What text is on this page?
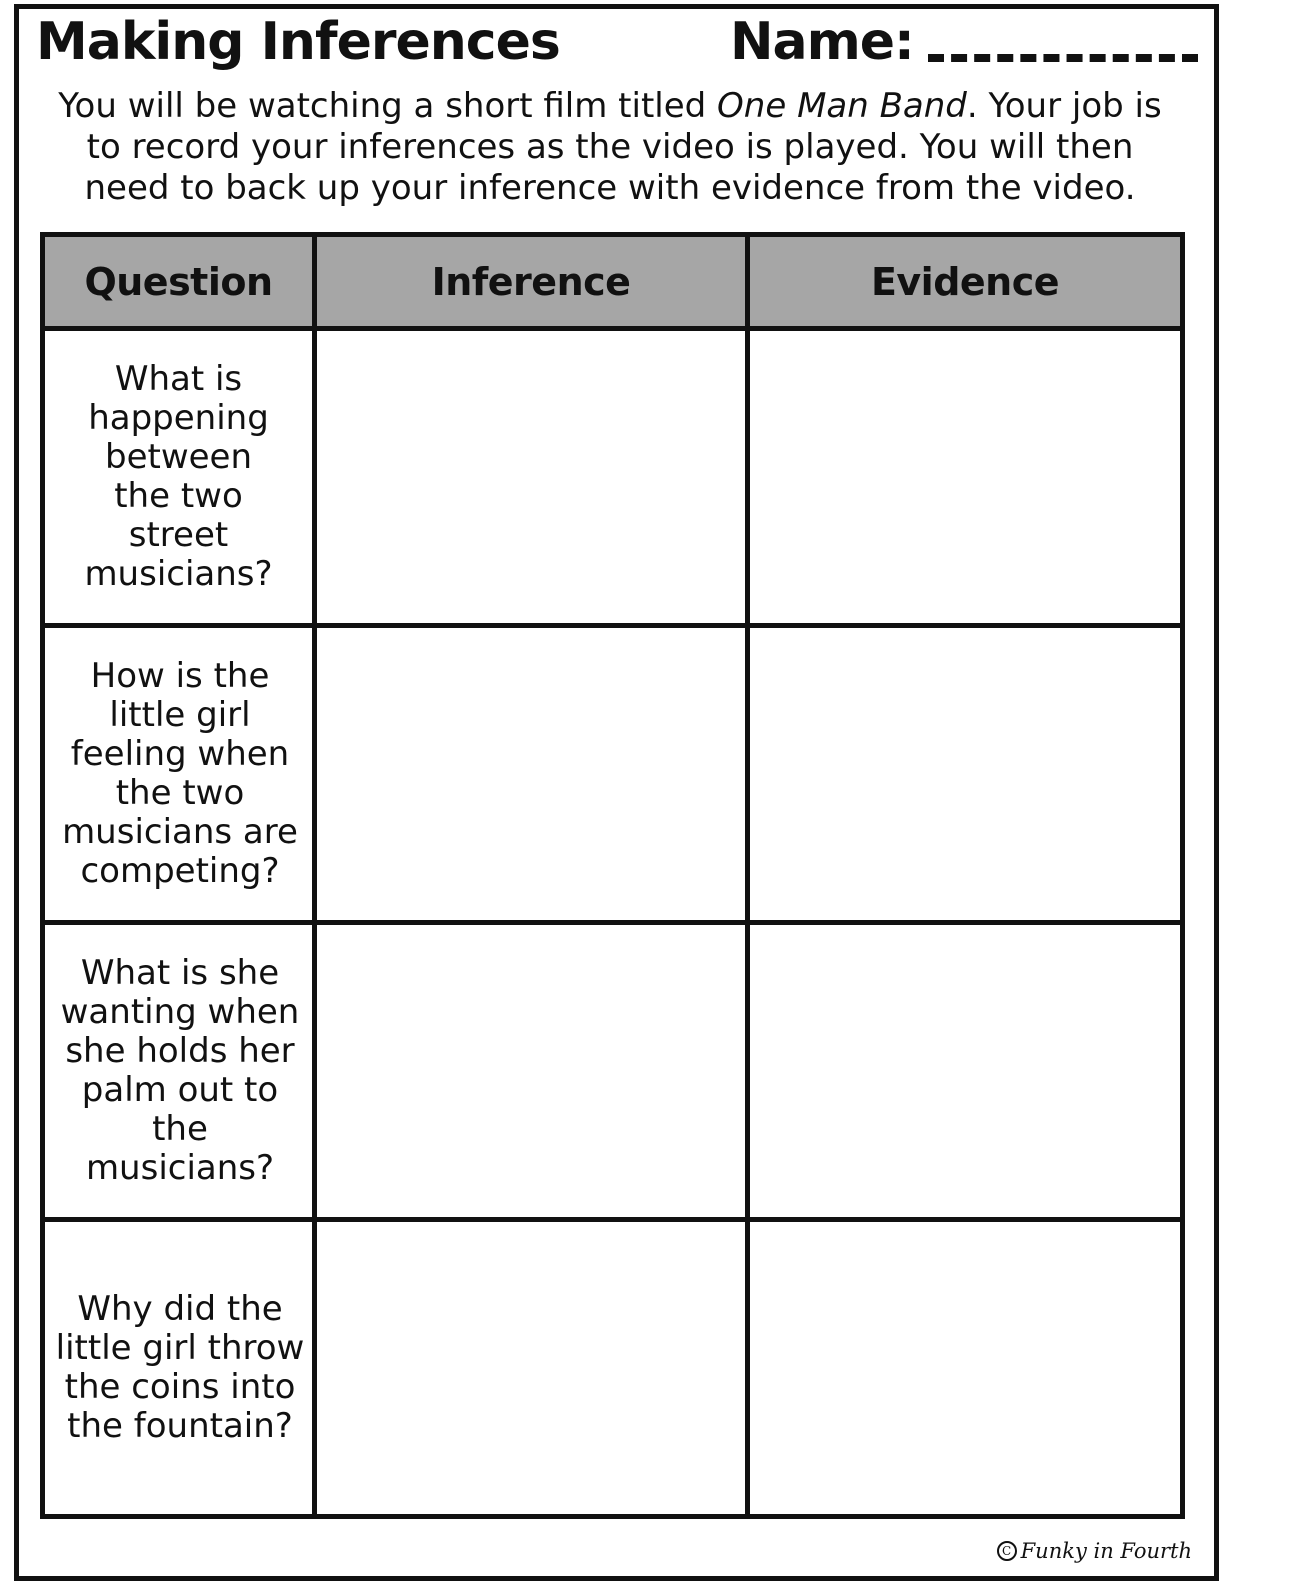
Making Inferences	Name:
You will be watching a short film titled One Man Band. Your job is to record your inferences as the video is played. You will then need to back up your inference with evidence from the video.
Question	Inference	Evidence

What is happening between the two street musicians?		

How is the little girl feeling when the two musicians are competing?		

What is she wanting when she holds her palm out to the musicians?		

Why did the little girl throw the coins into the fountain?		

C Funky in Fourth
